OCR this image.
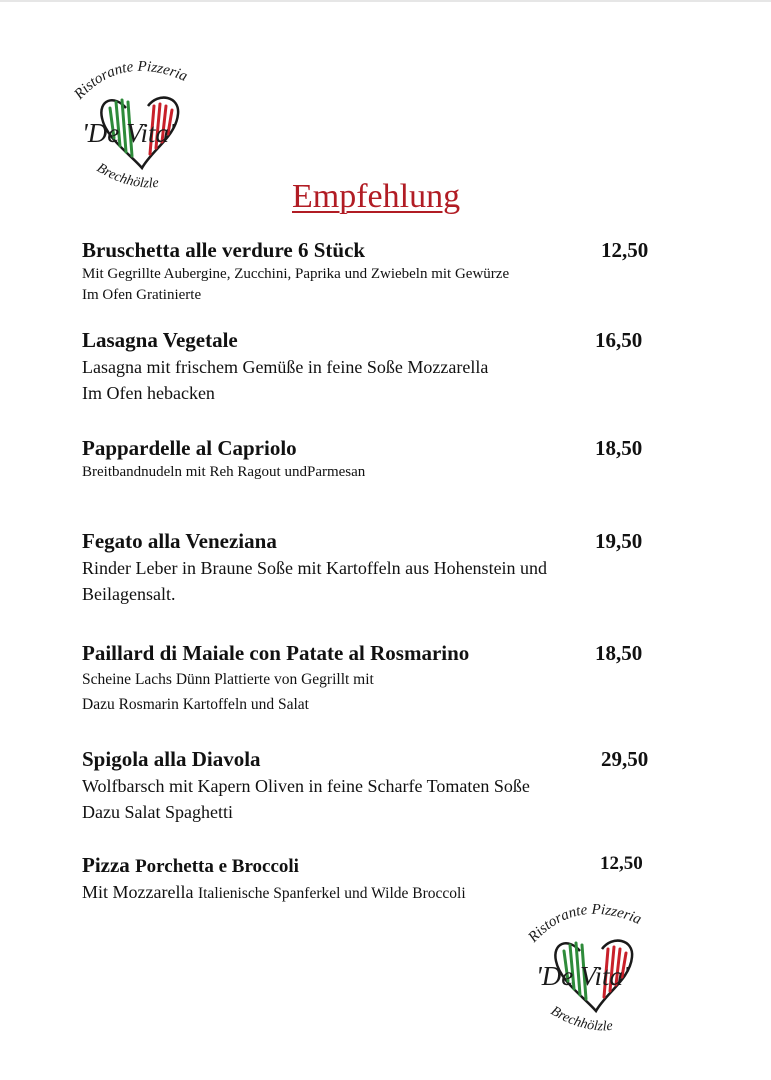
Ristorante Pizzeria
'De Vita'
Brechhölzle	Empfehlung
Bruschetta alle verdure 6 Stück	12,50
Mit Gegrillte Aubergine, Zucchini, Paprika und Zwiebeln mit Gewürze
Im Ofen Gratinierte
Lasagna Vegetale	16,50
Lasagna mit frischem Gemüße in feine Soße Mozzarella
Im Ofen hebacken
Pappardelle al Capriolo	18,50
Breitbandnudeln mit Reh Ragout undParmesan
Fegato alla Veneziana	19,50
Rinder Leber in Braune Soße mit Kartoffeln aus Hohenstein und
Beilagensalt.
Paillard di Maiale con Patate al Rosmarino	18,50
Scheine Lachs Dünn Plattierte von Gegrillt mit
Dazu Rosmarin Kartoffeln und Salat
Spigola alla Diavola	29,50
Wolfbarsch mit Kapern Oliven in feine Scharfe Tomaten Soße
Dazu Salat Spaghetti
Pizza Porchetta e Broccoli	12,50
Mit Mozzarella Italienische Spanferkel und Wilde Broccoli
Ristorante Pizzeria
'De Vita'
Brechhölzle
